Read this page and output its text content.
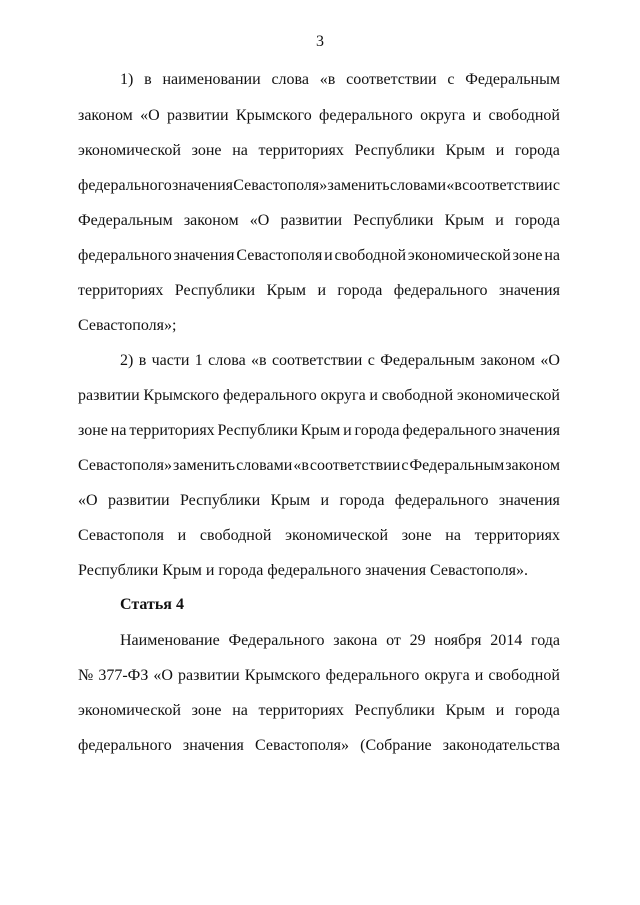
3
1) в наименовании слова «в соответствии с Федеральным
законом «О развитии Крымского федерального округа и свободной
экономической зоне на территориях Республики Крым и города
федерального значения Севастополя» заменить словами «в соответствии с
Федеральным законом «О развитии Республики Крым и города
федерального значения Севастополя и свободной экономической зоне на
территориях Республики Крым и города федерального значения
Севастополя»;
2) в части 1 слова «в соответствии с Федеральным законом «О
развитии Крымского федерального округа и свободной экономической
зоне на территориях Республики Крым и города федерального значения
Севастополя» заменить словами «в соответствии с Федеральным законом
«О развитии Республики Крым и города федерального значения
Севастополя и свободной экономической зоне на территориях
Республики Крым и города федерального значения Севастополя».
Статья 4
Наименование Федерального закона от 29 ноября 2014 года
№ 377-ФЗ «О развитии Крымского федерального округа и свободной
экономической зоне на территориях Республики Крым и города
федерального значения Севастополя» (Собрание законодательства
